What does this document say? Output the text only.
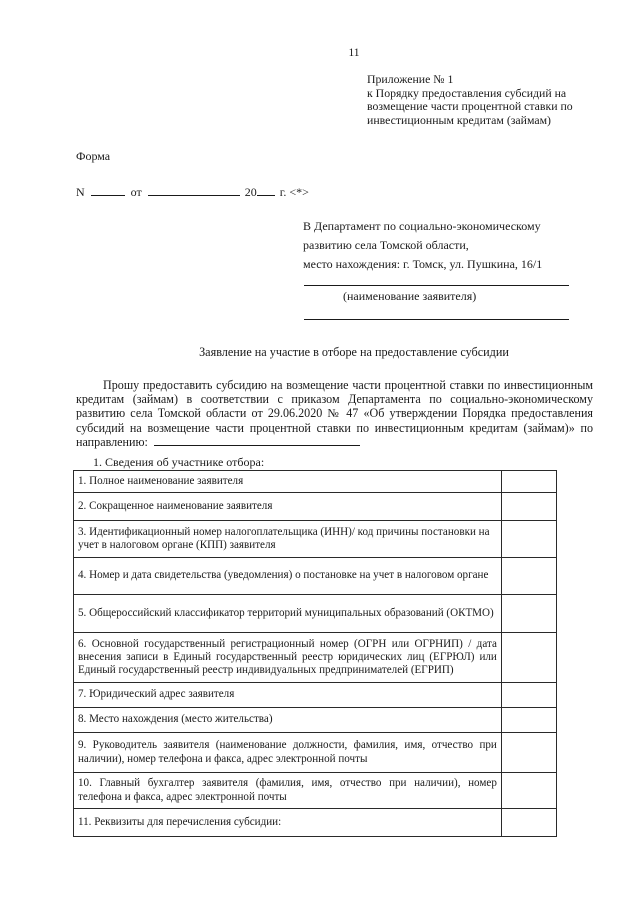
11
Приложение № 1
к Порядку предоставления субсидий на
возмещение части процентной ставки по
инвестиционным кредитам (займам)
Форма
N	от	20 г. <*>
В Департамент по социально-экономическому
развитию села Томской области,
место нахождения: г. Томск, ул. Пушкина, 16/1
(наименование заявителя)
Заявление на участие в отборе на предоставление субсидии
Прошу предоставить субсидию на возмещение части процентной ставки по инвестиционным кредитам (займам) в соответствии с приказом Департамента по социально-экономическому развитию села Томской области от 29.06.2020 № 47 «Об утверждении Порядка предоставления субсидий на возмещение части процентной ставки по инвестиционным кредитам (займам)» по направлению:
1. Сведения об участнике отбора:
1. Полное наименование заявителя	
2. Сокращенное наименование заявителя	
3. Идентификационный номер налогоплательщика (ИНН)/ код причины постановки на учет в налоговом органе (КПП) заявителя	
4. Номер и дата свидетельства (уведомления) о постановке на учет в налоговом органе	
5. Общероссийский классификатор территорий муниципальных образований (ОКТМО)	
6. Основной государственный регистрационный номер (ОГРН или ОГРНИП) / дата внесения записи в Единый государственный реестр юридических лиц (ЕГРЮЛ) или Единый государственный реестр индивидуальных предпринимателей (ЕГРИП)	
7. Юридический адрес заявителя	
8. Место нахождения (место жительства)	
9. Руководитель заявителя (наименование должности, фамилия, имя, отчество при наличии), номер телефона и факса, адрес электронной почты	
10. Главный бухгалтер заявителя (фамилия, имя, отчество при наличии), номер телефона и факса, адрес электронной почты	
11. Реквизиты для перечисления субсидии:	
